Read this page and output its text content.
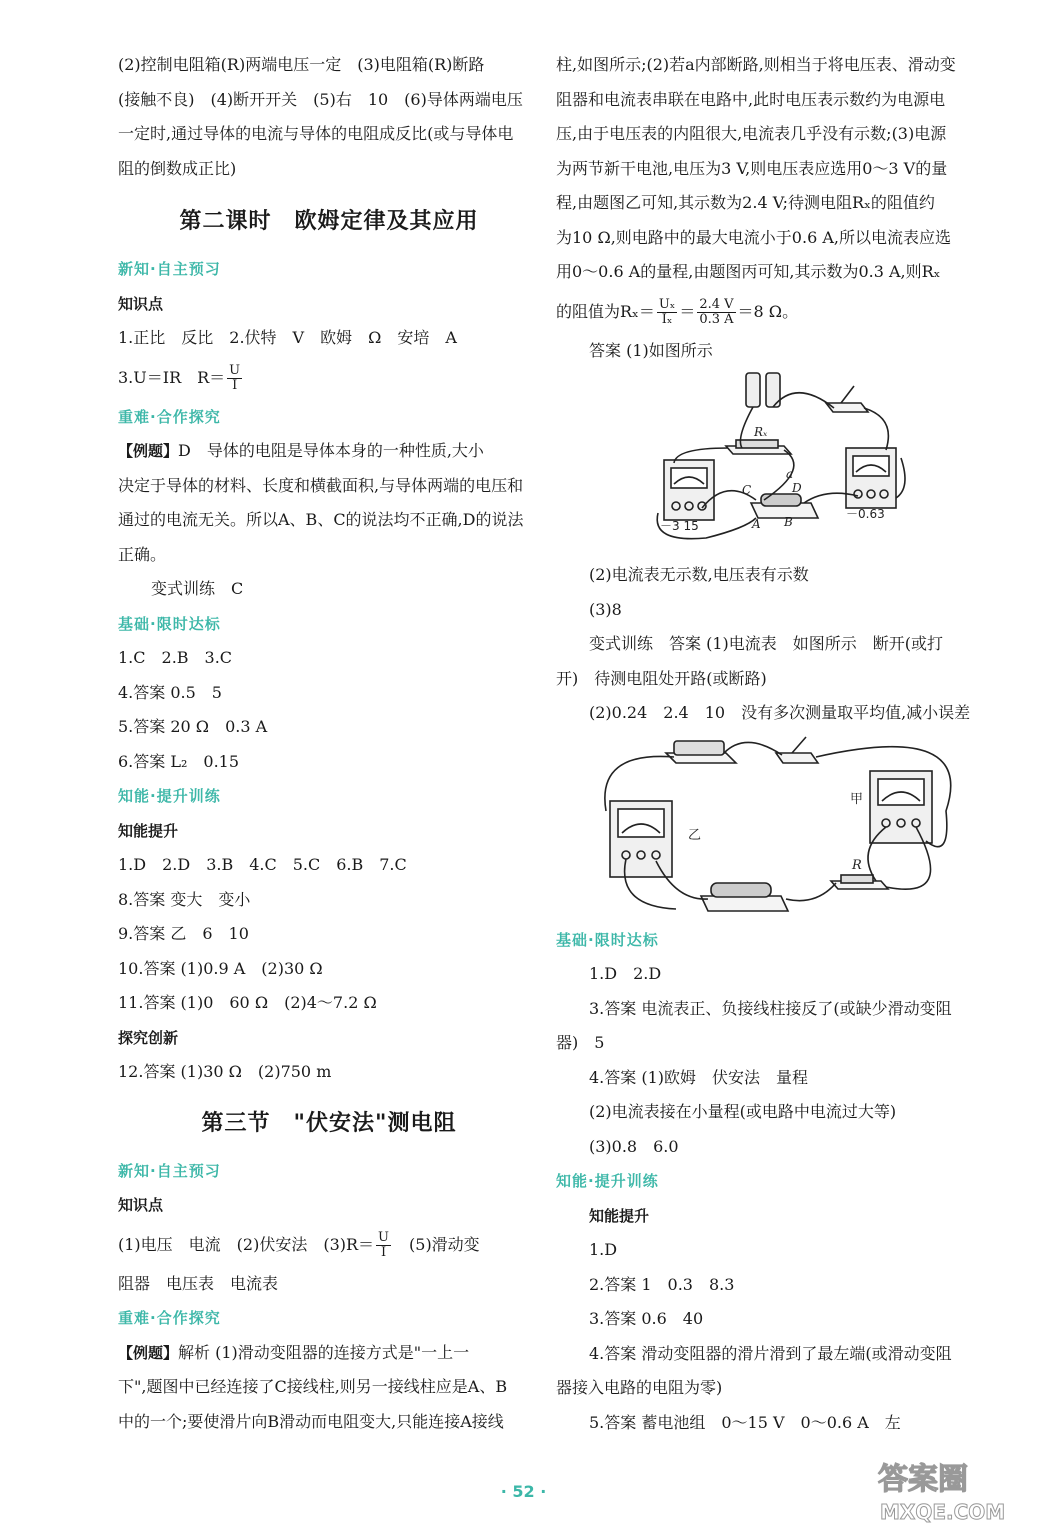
(2)控制电阻箱(R)两端电压一定　(3)电阻箱(R)断路
(接触不良)　(4)断开开关　(5)右　10　(6)导体两端电压
一定时,通过导体的电流与导体的电阻成反比(或与导体电
阻的倒数成正比)
第二课时　欧姆定律及其应用
新知·自主预习
知识点
1.正比　反比　2.伏特　V　欧姆　Ω　安培　A
3.U＝IR　$R= \frac{U}{I}$
重难·合作探究
【例题】D　导体的电阻是导体本身的一种性质,大小
决定于导体的材料、长度和横截面积,与导体两端的电压和
通过的电流无关。所以A、B、C的说法均不正确,D的说法
正确。
变式训练　C
基础·限时达标
1.C　2.B　3.C
4.答案 0.5　5
5.答案 20 Ω　0.3 A
6.答案 L₂　0.15
知能·提升训练
知能提升
1.D　2.D　3.B　4.C　5.C　6.B　7.C
8.答案 变大　变小
9.答案 乙　6　10
10.答案 (1)0.9 A　(2)30 Ω
11.答案 (1)0　60 Ω　(2)4～7.2 Ω
探究创新
12.答案 (1)30 Ω　(2)750 m
第三节　"伏安法"测电阻
新知·自主预习
知识点
(1)电压　电流　(2)伏安法　$(3)R= \frac{U}{I}$ 　(5)滑动变
阻器　电压表　电流表
重难·合作探究
【例题】解析 (1)滑动变阻器的连接方式是"一上一
下",题图中已经连接了C接线柱,则另一接线柱应是A、B
中的一个;要使滑片向B滑动而电阻变大,只能连接A接线
柱,如图所示;(2)若a内部断路,则相当于将电压表、滑动变
阻器和电流表串联在电路中,此时电压表示数约为电源电
压,由于电压表的内阻很大,电流表几乎没有示数;(3)电源
为两节新干电池,电压为3 V,则电压表应选用0～3 V的量
程,由题图乙可知,其示数为2.4 V;待测电阻Rₓ的阻值约
为10 Ω,则电路中的最大电流小于0.6 A,所以电流表应选
用0～0.6 A的量程,由题图丙可知,其示数为0.3 A,则Rₓ
的阻值为$R_x= \frac{\text{Uₓ}}{\text{Iₓ}} = \frac{2.4 V}{0.3 A} =8$ Ω。
答案 (1)如图所示
Rₓ
a
C	D
A B
－3 15
－0.63
(2)电流表无示数,电压表有示数
(3)8
变式训练　答案 (1)电流表　如图所示　断开(或打
开)　待测电阻处开路(或断路)
(2)0.24　2.4　10　没有多次测量取平均值,减小误差
甲
乙
R
基础·限时达标
1.D　2.D
3.答案 电流表正、负接线柱接反了(或缺少滑动变阻
器)　5
4.答案 (1)欧姆　伏安法　量程
(2)电流表接在小量程(或电路中电流过大等)
(3)0.8　6.0
知能·提升训练
知能提升
1.D
2.答案 1　0.3　8.3
3.答案 0.6　40
4.答案 滑动变阻器的滑片滑到了最左端(或滑动变阻
器接入电路的电阻为零)
5.答案 蓄电池组　0～15 V　0～0.6 A　左
· 52 ·	答案圈
MXQE.COM
